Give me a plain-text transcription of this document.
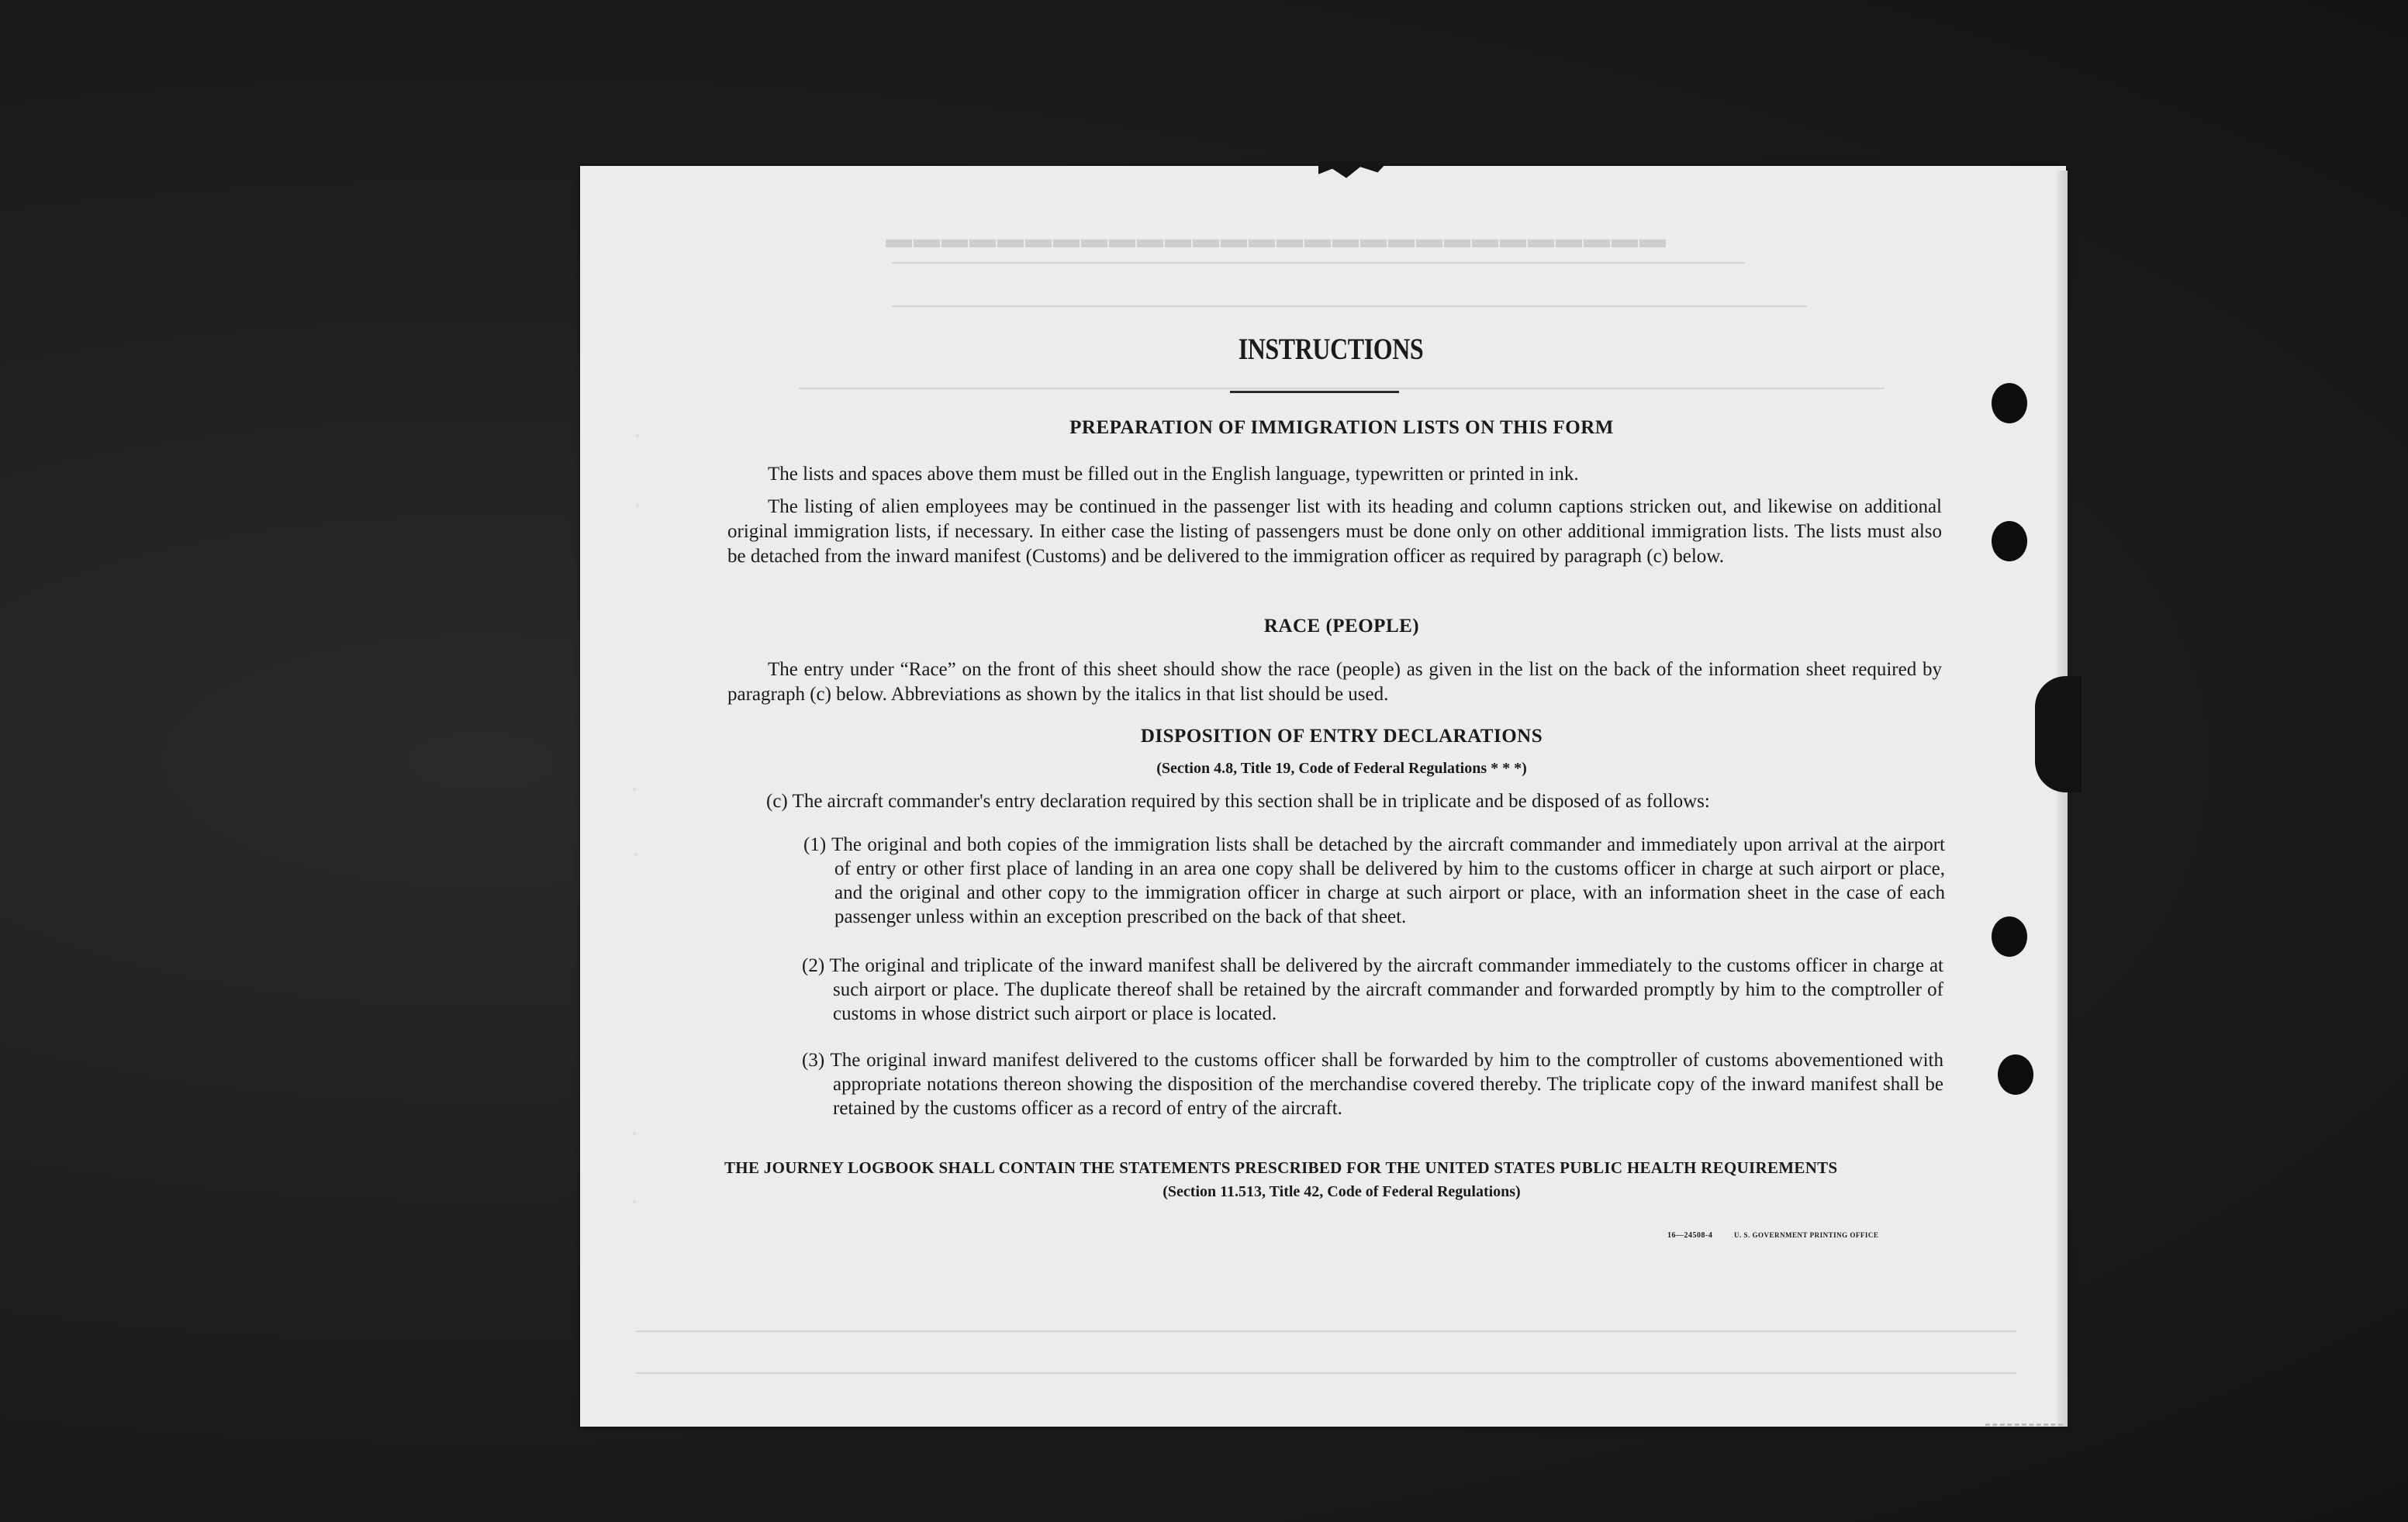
▬▬▬▬▬▬▬▬▬▬▬▬▬▬▬▬▬▬▬▬▬▬▬▬▬▬▬▬
INSTRUCTIONS
PREPARATION OF IMMIGRATION LISTS ON THIS FORM
The lists and spaces above them must be filled out in the English language, typewritten or printed in ink.
The listing of alien employees may be continued in the passenger list with its heading and column captions stricken out, and likewise on additional original immigration lists, if necessary. In either case the listing of passengers must be done only on other additional immigration lists. The lists must also be detached from the inward manifest (Customs) and be delivered to the immigration officer as required by paragraph (c) below.
RACE (PEOPLE)
The entry under “Race” on the front of this sheet should show the race (people) as given in the list on the back of the information sheet required by paragraph (c) below. Abbreviations as shown by the italics in that list should be used.
DISPOSITION OF ENTRY DECLARATIONS
(Section 4.8, Title 19, Code of Federal Regulations * * *)
(c) The aircraft commander's entry declaration required by this section shall be in triplicate and be disposed of as follows:
(1) The original and both copies of the immigration lists shall be detached by the aircraft commander and immediately upon arrival at the airport of entry or other first place of landing in an area one copy shall be delivered by him to the customs officer in charge at such airport or place, and the original and other copy to the immigration officer in charge at such airport or place, with an information sheet in the case of each passenger unless within an exception prescribed on the back of that sheet.
(2) The original and triplicate of the inward manifest shall be delivered by the aircraft commander immediately to the customs officer in charge at such airport or place. The duplicate thereof shall be retained by the aircraft commander and forwarded promptly by him to the comptroller of customs in whose district such airport or place is located.
(3) The original inward manifest delivered to the customs officer shall be forwarded by him to the comptroller of customs abovementioned with appropriate notations thereon showing the disposition of the merchandise covered thereby. The triplicate copy of the inward manifest shall be retained by the customs officer as a record of entry of the aircraft.
THE JOURNEY LOGBOOK SHALL CONTAIN THE STATEMENTS PRESCRIBED FOR THE UNITED STATES PUBLIC HEALTH REQUIREMENTS
(Section 11.513, Title 42, Code of Federal Regulations)
16—24508-4	U. S. GOVERNMENT PRINTING OFFICE
